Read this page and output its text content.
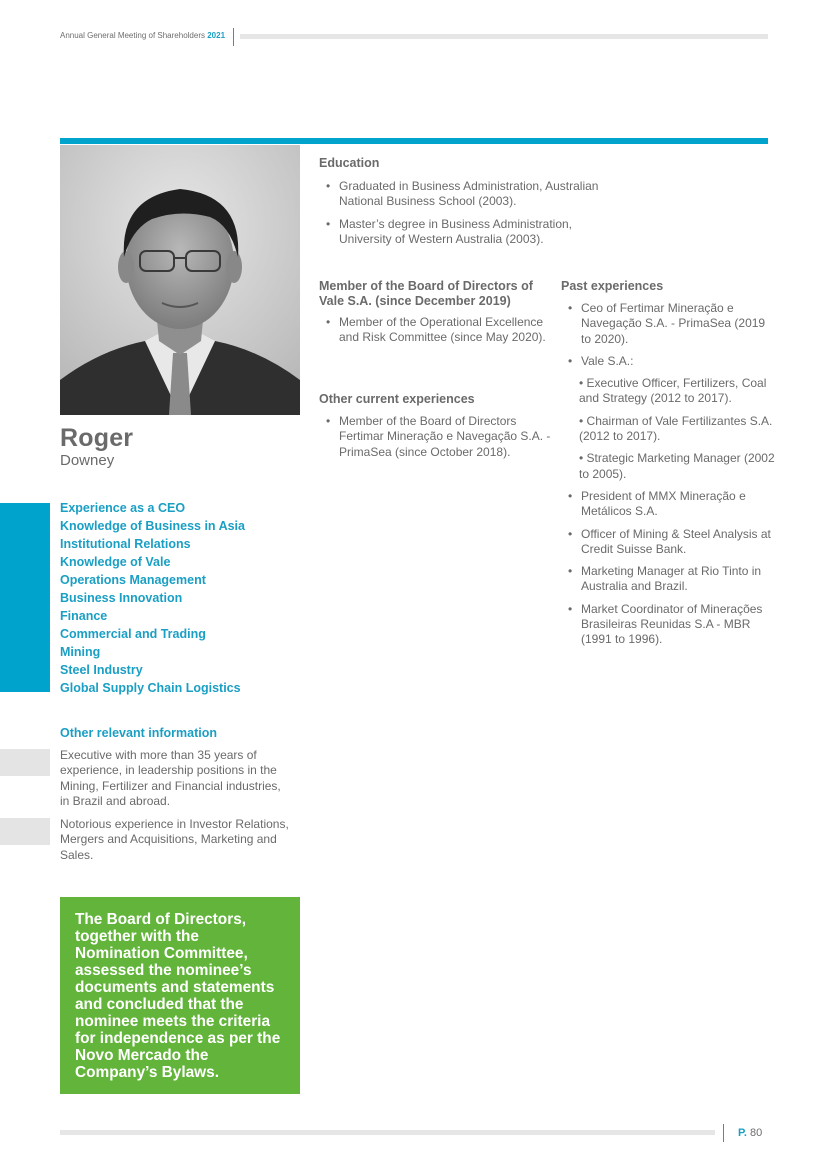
Annual General Meeting of Shareholders 2021
Roger
Downey
Experience as a CEO
Knowledge of Business in Asia
Institutional Relations
Knowledge of Vale
Operations Management
Business Innovation
Finance
Commercial and Trading
Mining
Steel Industry
Global Supply Chain Logistics
Other relevant information
Executive with more than 35 years of experience, in leadership positions in the Mining, Fertilizer and Financial industries, in Brazil and abroad.
Notorious experience in Investor Relations, Mergers and Acquisitions, Marketing and Sales.

The Board of Directors, together with the Nomination Committee, assessed the nominee’s documents and statements and concluded that the nominee meets the criteria for independence as per the Novo Mercado the Company’s Bylaws.

Education
• Graduated in Business Administration, Australian National Business School (2003).
• Master’s degree in Business Administration, University of Western Australia (2003).
Member of the Board of Directors of Vale S.A. (since December 2019)
• Member of the Operational Excellence and Risk Committee (since May 2020).
Other current experiences
• Member of the Board of Directors Fertimar Mineração e Navegação S.A. - PrimaSea (since October 2018).
Past experiences
• Ceo of Fertimar Mineração e Navegação S.A. - PrimaSea (2019 to 2020).
• Vale S.A.:
• Executive Officer, Fertilizers, Coal and Strategy (2012 to 2017).
• Chairman of Vale Fertilizantes S.A. (2012 to 2017).
• Strategic Marketing Manager (2002 to 2005).
• President of MMX Mineração e Metálicos S.A.
• Officer of Mining & Steel Analysis at Credit Suisse Bank.
• Marketing Manager at Rio Tinto in Australia and Brazil.
• Market Coordinator of Minerações Brasileiras Reunidas S.A - MBR (1991 to 1996).
P. 80
